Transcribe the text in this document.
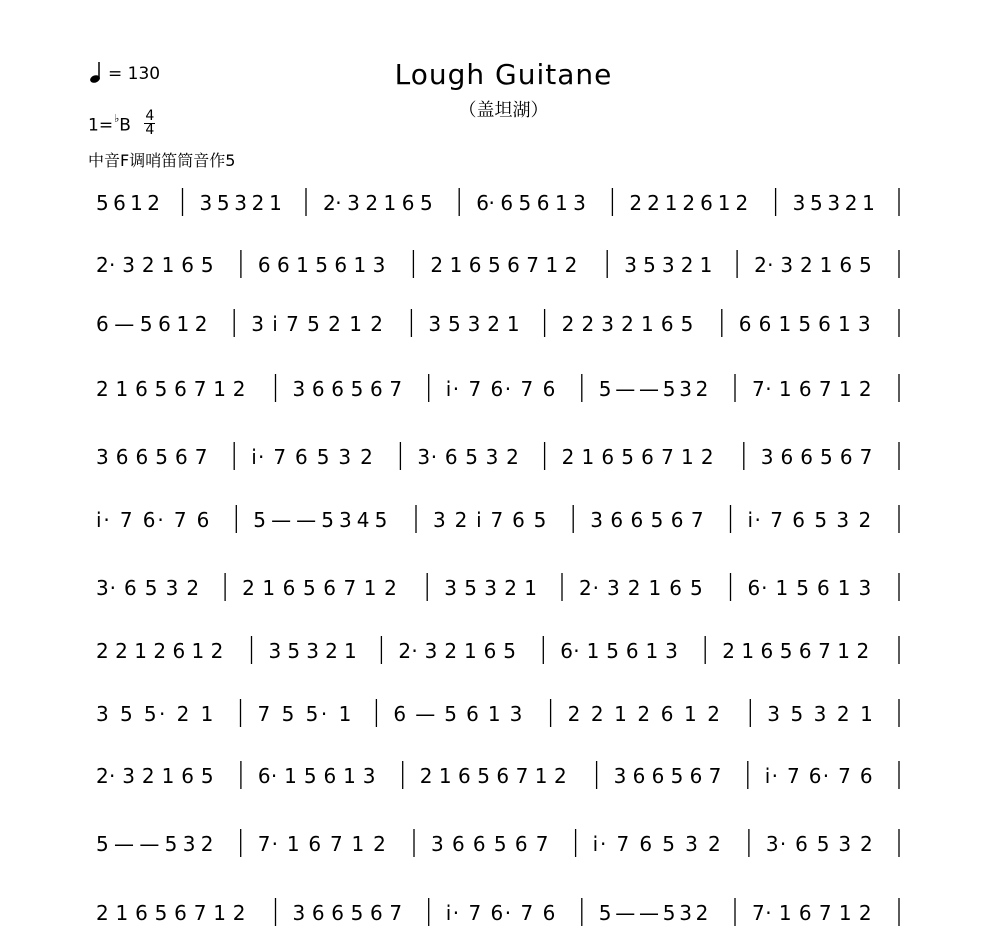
Lough Guitane
（盖坦湖）
= 130
$1=^♭B \frac{4}{4}$
中音F调哨笛筒音作5
5 6 1 2 3 5 3 2 1 2· 3 2 1 6 5 6· 6 5 6 1 3 2 2 1 2 6 1 2 3 5 3 2 1
2· 3 2 1 6 5 6 6 1 5 6 1 3 2 1 6 5 6 7 1 2 3 5 3 2 1 2· 3 2 1 6 5
6 — 5 6 1 2 3 i 7 5 2 1 2 3 5 3 2 1 2 2 3 2 1 6 5 6 6 1 5 6 1 3
2 1 6 5 6 7 1 2 3 6 6 5 6 7 i· 7 6· 7 6 5 — — 5 3 2 7· 1 6 7 1 2
3 6 6 5 6 7 i· 7 6 5 3 2 3· 6 5 3 2 2 1 6 5 6 7 1 2 3 6 6 5 6 7
i· 7 6· 7 6 5 — — 5 3 4 5 3 2 i 7 6 5 3 6 6 5 6 7 i· 7 6 5 3 2
3· 6 5 3 2 2 1 6 5 6 7 1 2 3 5 3 2 1 2· 3 2 1 6 5 6· 1 5 6 1 3
2 2 1 2 6 1 2 3 5 3 2 1 2· 3 2 1 6 5 6· 1 5 6 1 3 2 1 6 5 6 7 1 2
3 5 5· 2 1 7 5 5· 1 6 — 5 6 1 3 2 2 1 2 6 1 2 3 5 3 2 1
2· 3 2 1 6 5 6· 1 5 6 1 3 2 1 6 5 6 7 1 2 3 6 6 5 6 7 i· 7 6· 7 6
5 — — 5 3 2 7· 1 6 7 1 2 3 6 6 5 6 7 i· 7 6 5 3 2 3· 6 5 3 2
2 1 6 5 6 7 1 2 3 6 6 5 6 7 i· 7 6· 7 6 5 — — 5 3 2 7· 1 6 7 1 2
